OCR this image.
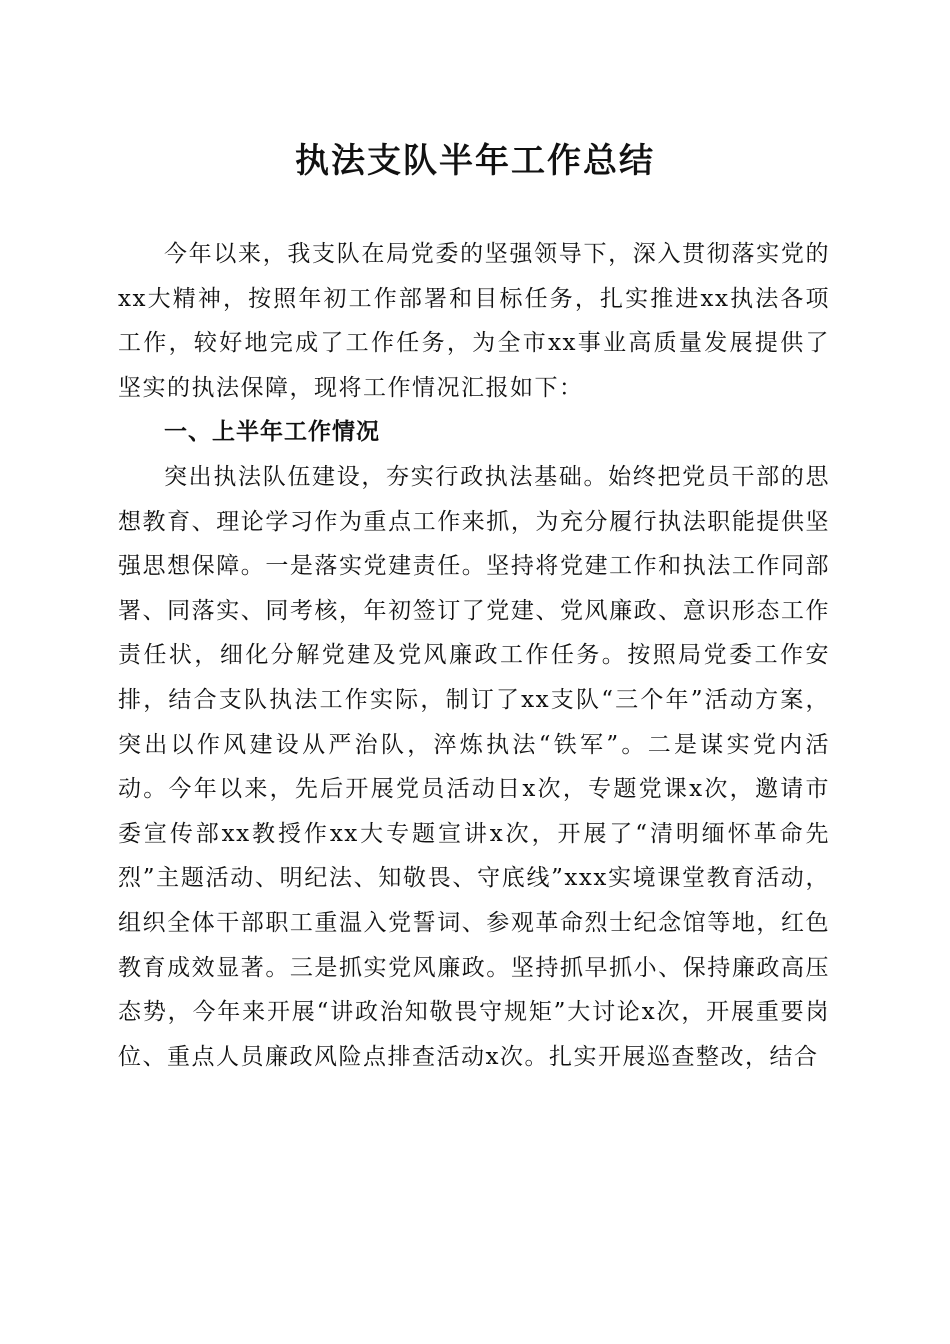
执法支队半年工作总结

今年以来，我支队在局党委的坚强领导下，深入贯彻落实党的xx大精神，按照年初工作部署和目标任务，扎实推进xx执法各项工作，较好地完成了工作任务，为全市xx事业高质量发展提供了坚实的执法保障，现将工作情况汇报如下：

一、上半年工作情况

突出执法队伍建设，夯实行政执法基础。始终把党员干部的思想教育、理论学习作为重点工作来抓，为充分履行执法职能提供坚强思想保障。一是落实党建责任。坚持将党建工作和执法工作同部署、同落实、同考核，年初签订了党建、党风廉政、意识形态工作责任状，细化分解党建及党风廉政工作任务。按照局党委工作安排，结合支队执法工作实际，制订了xx支队“三个年”活动方案，突出以作风建设从严治队，淬炼执法“铁军”。二是谋实党内活动。今年以来，先后开展党员活动日x次，专题党课x次，邀请市委宣传部xx教授作xx大专题宣讲x次，开展了“清明缅怀革命先烈”主题活动、明纪法、知敬畏、守底线”xxx实境课堂教育活动，组织全体干部职工重温入党誓词、参观革命烈士纪念馆等地，红色教育成效显著。三是抓实党风廉政。坚持抓早抓小、保持廉政高压态势，今年来开展“讲政治知敬畏守规矩”大讨论x次，开展重要岗位、重点人员廉政风险点排查活动x次。扎实开展巡查整改，结合
